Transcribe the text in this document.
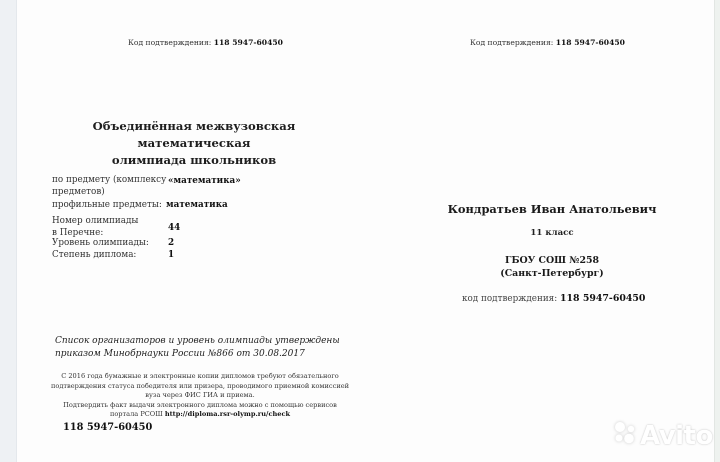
Код подтверждения: 118 5947-60450	Код подтверждения: 118 5947-60450
Объединённая межвузовская математическая
олимпиада школьников
по предмету (комплексу
предметов)
«математика»
профильные предметы: математика
Номер олимпиады
в Перечне:	44
Уровень олимпиады: 2
Степень диплома:	1
Список организаторов и уровень олимпиады утверждены
приказом Минобрнауки России №866 от 30.08.2017
С 2016 года бумажные и электронные копии дипломов требуют обязательного
подтверждения статуса победителя или призера, проводимого приемной комиссией
вуза через ФИС ГИА и приема.
Подтвердить факт выдачи электронного диплома можно с помощью сервисов
портала РСОШ http://diploma.rsr-olymp.ru/check
118 5947-60450
Кондратьев Иван Анатольевич
11 класс
ГБОУ СОШ №258
(Санкт-Петербург)
код подтверждения: 118 5947-60450
Avito
